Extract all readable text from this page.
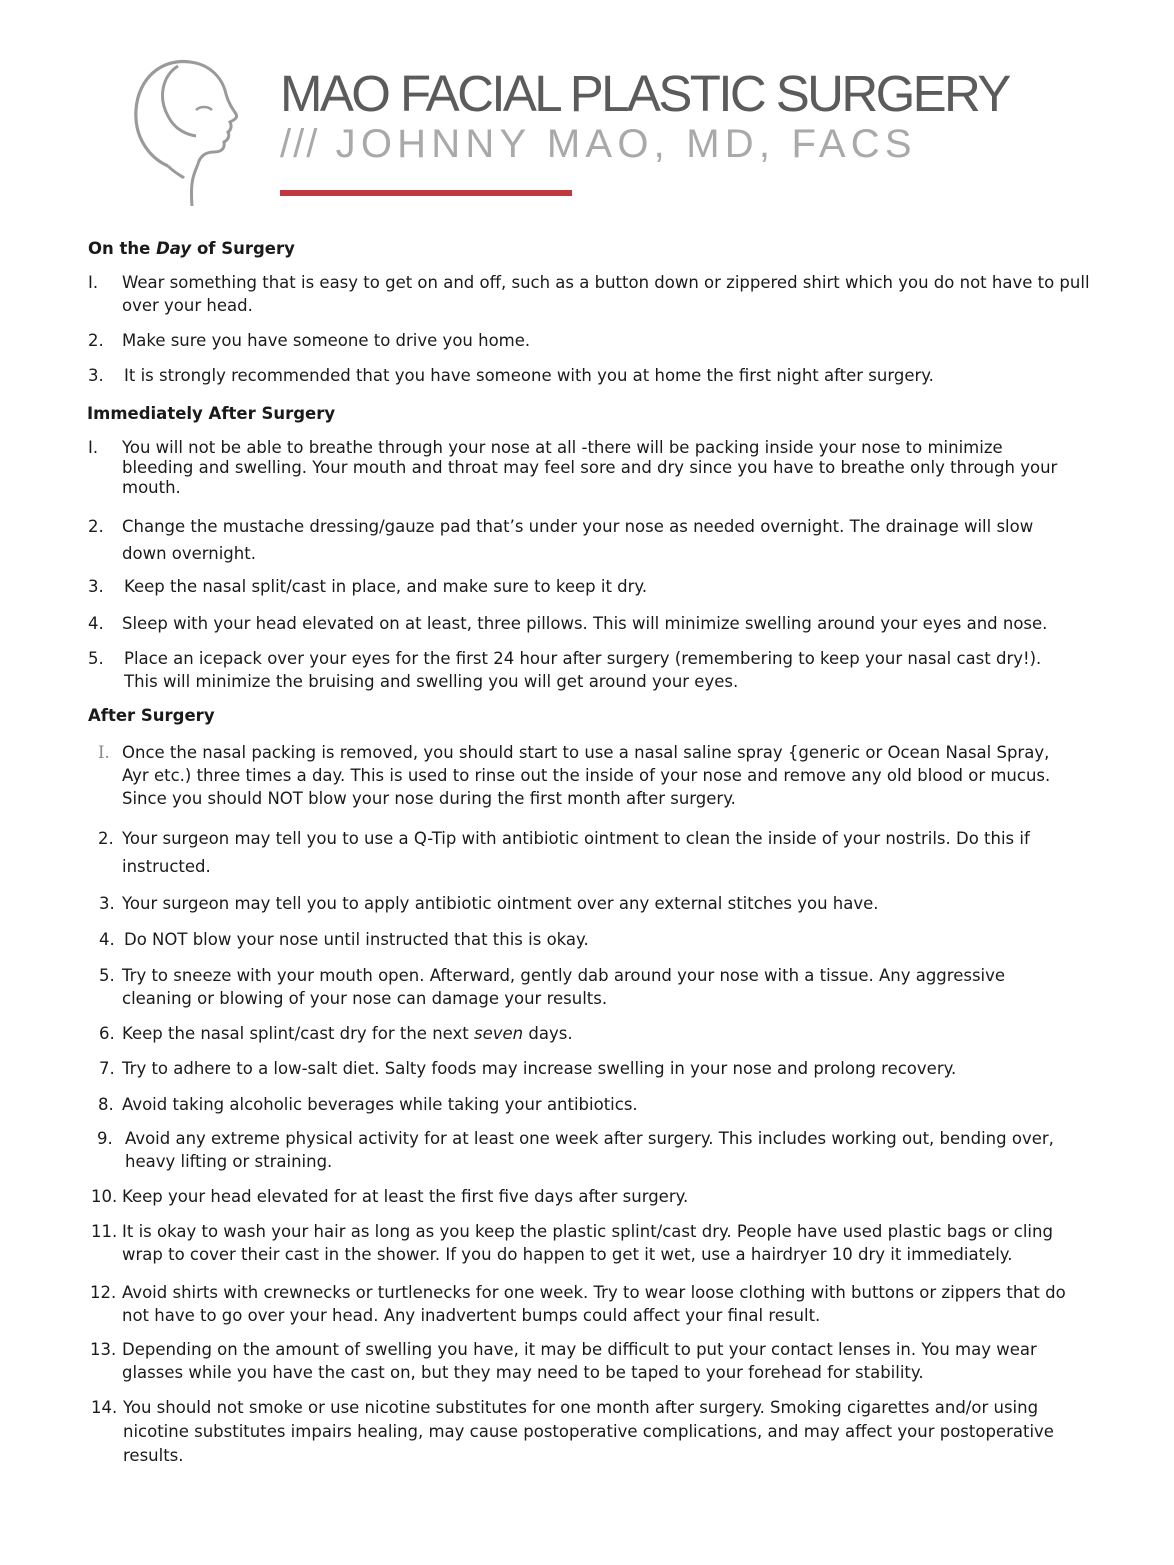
MAO FACIAL PLASTIC SURGERY
/// JOHNNY MAO, MD, FACS
On the Day of Surgery
I. Wear something that is easy to get on and off, such as a button down or zippered shirt which you do not have to pull over your head.
2. Make sure you have someone to drive you home.
3. It is strongly recommended that you have someone with you at home the first night after surgery.
Immediately After Surgery
I. You will not be able to breathe through your nose at all -there will be packing inside your nose to minimize bleeding and swelling. Your mouth and throat may feel sore and dry since you have to breathe only through your mouth.
2. Change the mustache dressing/gauze pad that’s under your nose as needed overnight. The drainage will slow down overnight.
3. Keep the nasal split/cast in place, and make sure to keep it dry.
4. Sleep with your head elevated on at least, three pillows. This will minimize swelling around your eyes and nose.
5. Place an icepack over your eyes for the first 24 hour after surgery (remembering to keep your nasal cast dry!). This will minimize the bruising and swelling you will get around your eyes.
After Surgery
I. Once the nasal packing is removed, you should start to use a nasal saline spray {generic or Ocean Nasal Spray, Ayr etc.) three times a day. This is used to rinse out the inside of your nose and remove any old blood or mucus. Since you should NOT blow your nose during the first month after surgery.
2. Your surgeon may tell you to use a Q-Tip with antibiotic ointment to clean the inside of your nostrils. Do this if instructed.
3. Your surgeon may tell you to apply antibiotic ointment over any external stitches you have.
4. Do NOT blow your nose until instructed that this is okay.
5. Try to sneeze with your mouth open. Afterward, gently dab around your nose with a tissue. Any aggressive cleaning or blowing of your nose can damage your results.
6. Keep the nasal splint/cast dry for the next seven days.
7. Try to adhere to a low-salt diet. Salty foods may increase swelling in your nose and prolong recovery.
8. Avoid taking alcoholic beverages while taking your antibiotics.
9. Avoid any extreme physical activity for at least one week after surgery. This includes working out, bending over, heavy lifting or straining.
10. Keep your head elevated for at least the first five days after surgery.
11. It is okay to wash your hair as long as you keep the plastic splint/cast dry. People have used plastic bags or cling wrap to cover their cast in the shower. If you do happen to get it wet, use a hairdryer 10 dry it immediately.
12. Avoid shirts with crewnecks or turtlenecks for one week. Try to wear loose clothing with buttons or zippers that do not have to go over your head. Any inadvertent bumps could affect your final result.
13. Depending on the amount of swelling you have, it may be difficult to put your contact lenses in. You may wear glasses while you have the cast on, but they may need to be taped to your forehead for stability.
14. You should not smoke or use nicotine substitutes for one month after surgery. Smoking cigarettes and/or using nicotine substitutes impairs healing, may cause postoperative complications, and may affect your postoperative results.
